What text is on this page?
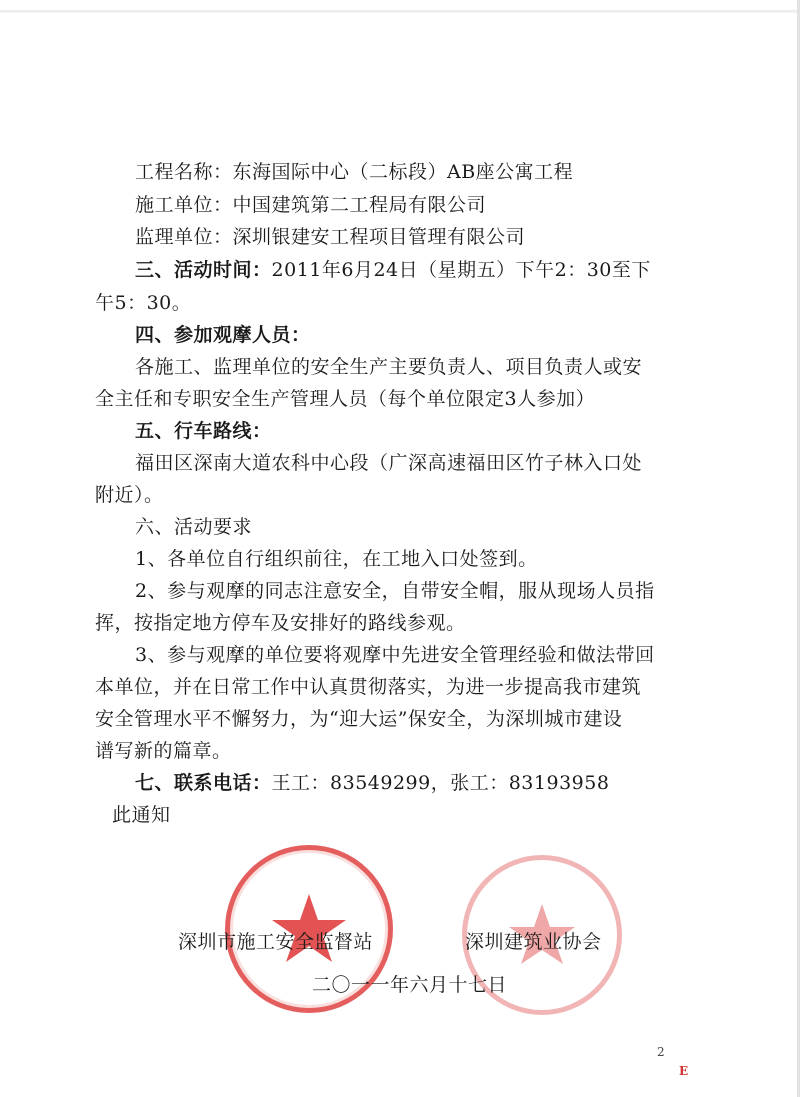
工程名称：东海国际中心（二标段）AB座公寓工程
施工单位：中国建筑第二工程局有限公司
监理单位：深圳银建安工程项目管理有限公司
三、活动时间：2011年6月24日（星期五）下午2：30至下
午5：30。
四、参加观摩人员：
各施工、监理单位的安全生产主要负责人、项目负责人或安
全主任和专职安全生产管理人员（每个单位限定3人参加）
五、行车路线：
福田区深南大道农科中心段（广深高速福田区竹子林入口处
附近）。
六、活动要求
1、各单位自行组织前往，在工地入口处签到。
2、参与观摩的同志注意安全，自带安全帽，服从现场人员指
挥，按指定地方停车及安排好的路线参观。
3、参与观摩的单位要将观摩中先进安全管理经验和做法带回
本单位，并在日常工作中认真贯彻落实，为进一步提高我市建筑
安全管理水平不懈努力，为“迎大运”保安全，为深圳城市建设
谱写新的篇章。
七、联系电话：王工：83549299，张工：83193958
此通知
深圳市施工安全监督站	深圳建筑业协会
二〇一一年六月十七日
2
E
